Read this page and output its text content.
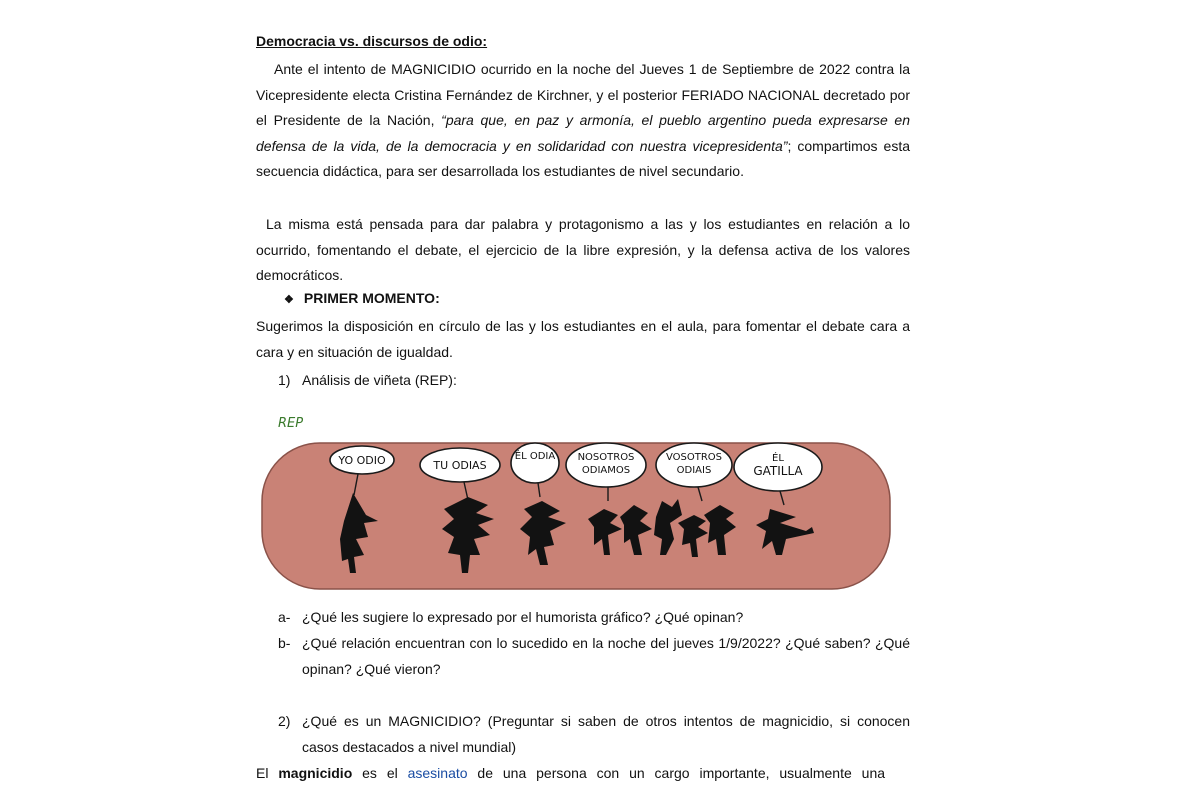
Democracia vs. discursos de odio:

Ante el intento de MAGNICIDIO ocurrido en la noche del Jueves 1 de Septiembre de 2022 contra la Vicepresidente electa Cristina Fernández de Kirchner, y el posterior FERIADO NACIONAL decretado por el Presidente de la Nación, “para que, en paz y armonía, el pueblo argentino pueda expresarse en defensa de la vida, de la democracia y en solidaridad con nuestra vicepresidenta”; compartimos esta secuencia didáctica, para ser desarrollada los estudiantes de nivel secundario.

La misma está pensada para dar palabra y protagonismo a las y los estudiantes en relación a lo ocurrido, fomentando el debate, el ejercicio de la libre expresión, y la defensa activa de los valores democráticos.

❖ PRIMER MOMENTO:

Sugerimos la disposición en círculo de las y los estudiantes en el aula, para fomentar el debate cara a cara y en situación de igualdad.

1) Análisis de viñeta (REP):
REP
YO ODIO	TU ODIAS
ÉL ODIA NOSOTROS
ODIAMOS
VOSOTROS
ODIAIS
ÉL
GATILLA
a- ¿Qué les sugiere lo expresado por el humorista gráfico? ¿Qué opinan?
b- ¿Qué relación encuentran con lo sucedido en la noche del jueves 1/9/2022? ¿Qué saben? ¿Qué opinan? ¿Qué vieron?
2) ¿Qué es un MAGNICIDIO? (Preguntar si saben de otros intentos de magnicidio, si conocen casos destacados a nivel mundial)

El magnicidio es el asesinato de una persona con un cargo importante, usualmente una
